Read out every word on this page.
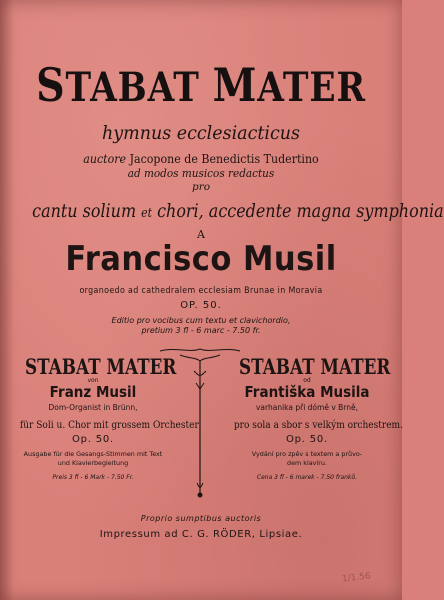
STABAT MATER
hymnus ecclesiacticus
auctore Jacopone de Benedictis Tudertino
ad modos musicos redactus
pro
cantu solium et chori, accedente magna symphonia
A
Francisco Musil
organoedo ad cathedralem ecclesiam Brunae in Moravia
OP. 50.
Editio pro vocibus cum textu et clavichordio,
pretium 3 fl - 6 marc - 7.50 fr.
STABAT MATER
von
Franz Musil
Dom-Organist in Brünn,
für Soli u. Chor mit grossem Orchester
Op. 50.
Ausgabe für die Gesangs-Stimmen mit Text
und Klavierbegleitung
Preis 3 fl - 6 Mark - 7.50 Fr.
STABAT MATER
od
Františka Musila
varhanika při dómě v Brně,
pro sola a sbor s velkým orchestrem.
Op. 50.
Vydání pro zpěv s textem a průvo-
dem klavíru.
Cena 3 fl - 6 marek - 7.50 franků.
Proprio sumptibus auctoris
Impressum ad C. G. RÖDER, Lipsiae.
1/1.56
